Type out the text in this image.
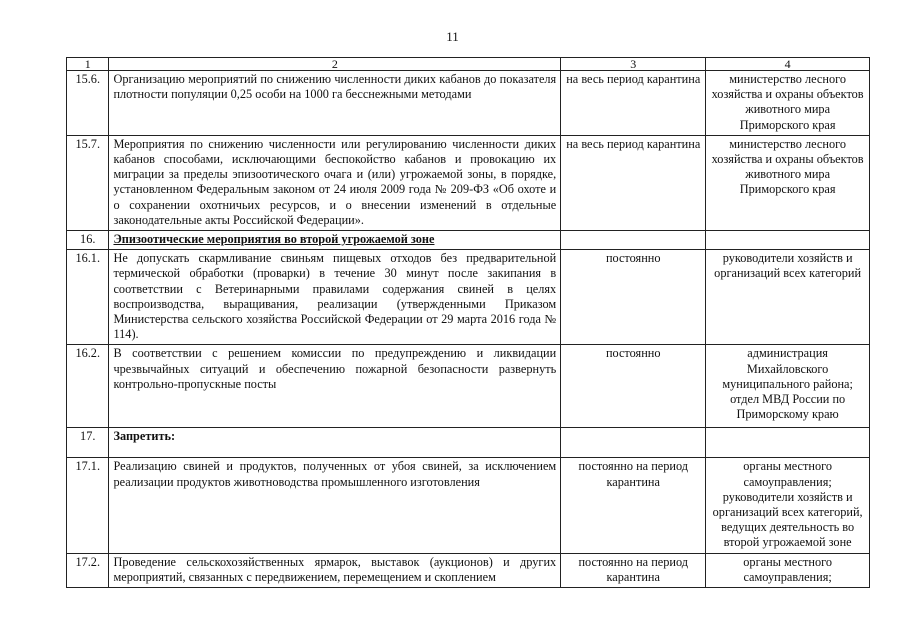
11
1	2	3	4
15.6.	Организацию мероприятий по снижению численности диких кабанов до показателя плотности популяции 0,25 особи на 1000 га бесснежными методами	на весь период карантина	министерство лесного хозяйства и охраны объектов животного мира Приморского края
15.7.	Мероприятия по снижению численности или регулированию численности диких кабанов способами, исключающими беспокойство кабанов и провокацию их миграции за пределы эпизоотического очага и (или) угрожаемой зоны, в порядке, установленном Федеральным законом от 24 июля 2009 года № 209-ФЗ «Об охоте и о сохранении охотничьих ресурсов, и о внесении изменений в отдельные законодательные акты Российской Федерации».	на весь период карантина	министерство лесного хозяйства и охраны объектов животного мира Приморского края
16.	Эпизоотические мероприятия во второй угрожаемой зоне		
16.1.	Не допускать скармливание свиньям пищевых отходов без предварительной термической обработки (проварки) в течение 30 минут после закипания в соответствии с Ветеринарными правилами содержания свиней в целях воспроизводства, выращивания, реализации (утвержденными Приказом Министерства сельского хозяйства Российской Федерации от 29 марта 2016 года № 114).	постоянно	руководители хозяйств и организаций всех категорий
16.2.	В соответствии с решением комиссии по предупреждению и ликвидации чрезвычайных ситуаций и обеспечению пожарной безопасности развернуть контрольно-пропускные посты	постоянно	администрация Михайловского муниципального района; отдел МВД России по Приморскому краю
17.	Запретить:		
17.1.	Реализацию свиней и продуктов, полученных от убоя свиней, за исключением реализации продуктов животноводства промышленного изготовления	постоянно на период карантина	органы местного самоуправления; руководители хозяйств и организаций всех категорий, ведущих деятельность во второй угрожаемой зоне
17.2.	Проведение сельскохозяйственных ярмарок, выставок (аукционов) и других мероприятий, связанных с передвижением, перемещением и скоплением	постоянно на период карантина	органы местного самоуправления;
